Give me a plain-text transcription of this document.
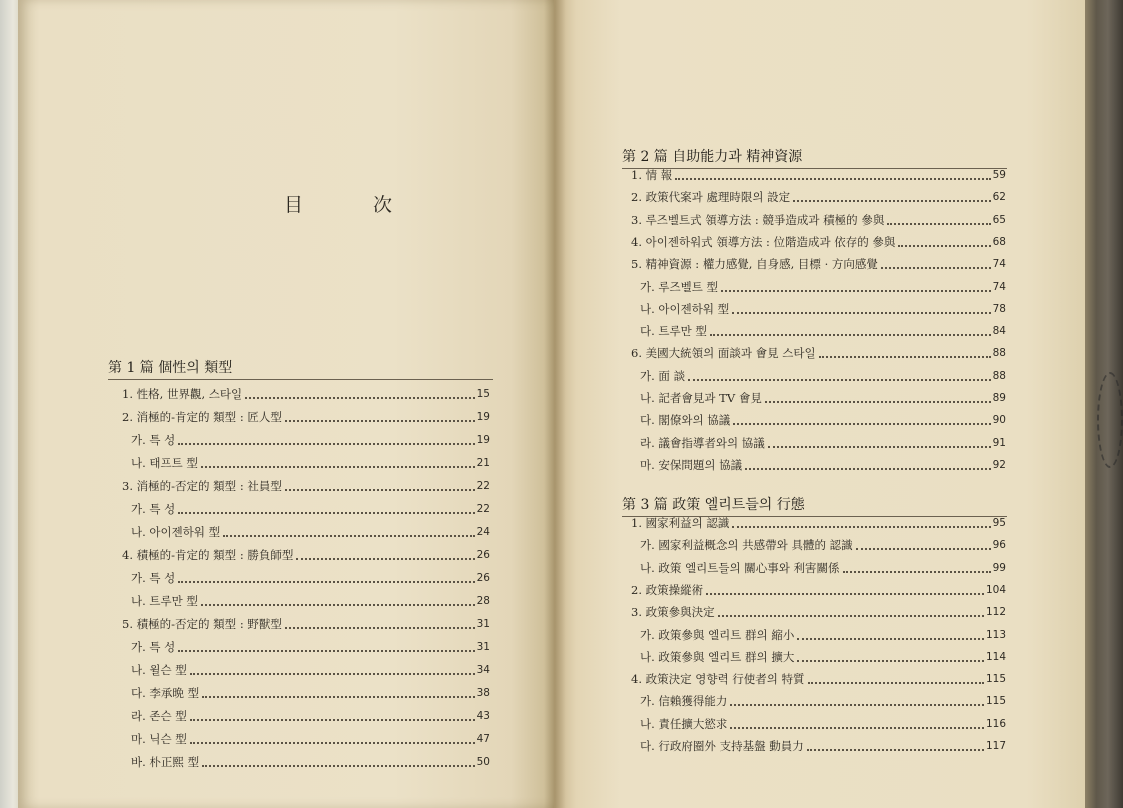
目	次
第 1 篇 個性의 類型
1. 性格, 世界觀, 스타일	15
2. 消極的-肯定的 類型 : 匠人型	19
가. 특 성	19
나. 태프트 型	21
3. 消極的-否定的 類型 : 社員型	22
가. 특 성	22
나. 아이젠하워 型	24
4. 積極的-肯定的 類型 : 勝負師型	26
가. 특 성	26
나. 트루만 型	28
5. 積極的-否定的 類型 : 野獸型	31
가. 특 성	31
나. 윌슨 型	34
다. 李承晩 型	38
라. 존슨 型	43
마. 닉슨 型	47
바. 朴正熙 型	50
第 2 篇 自助能力과 精神資源
1. 情 報	59
2. 政策代案과 處理時限의 設定	62
3. 루즈벨트式 領導方法 : 競爭造成과 積極的 參與	65
4. 아이젠하워式 領導方法 : 位階造成과 依存的 參與	68
5. 精神資源 : 權力感覺, 自身感, 目標 · 方向感覺	74
가. 루즈벨트 型	74
나. 아이젠하워 型	78
다. 트루만 型	84
6. 美國大統領의 面談과 會見 스타일	88
가. 面 談	88
나. 記者會見과 TV 會見	89
다. 閣僚와의 協議	90
라. 議會指導者와의 協議	91
마. 安保問題의 協議	92
第 3 篇 政策 엘리트들의 行態
1. 國家利益의 認識	95
가. 國家利益概念의 共感帶와 具體的 認識	96
나. 政策 엘리트들의 關心事와 利害關係	99
2. 政策操縱術	104
3. 政策參與決定	112
가. 政策參與 엘리트 群의 縮小	113
나. 政策參與 엘리트 群의 擴大	114
4. 政策決定 영향력 行使者의 特質	115
가. 信賴獲得能力	115
나. 責任擴大慾求	116
다. 行政府圈外 支持基盤 動員力	117
